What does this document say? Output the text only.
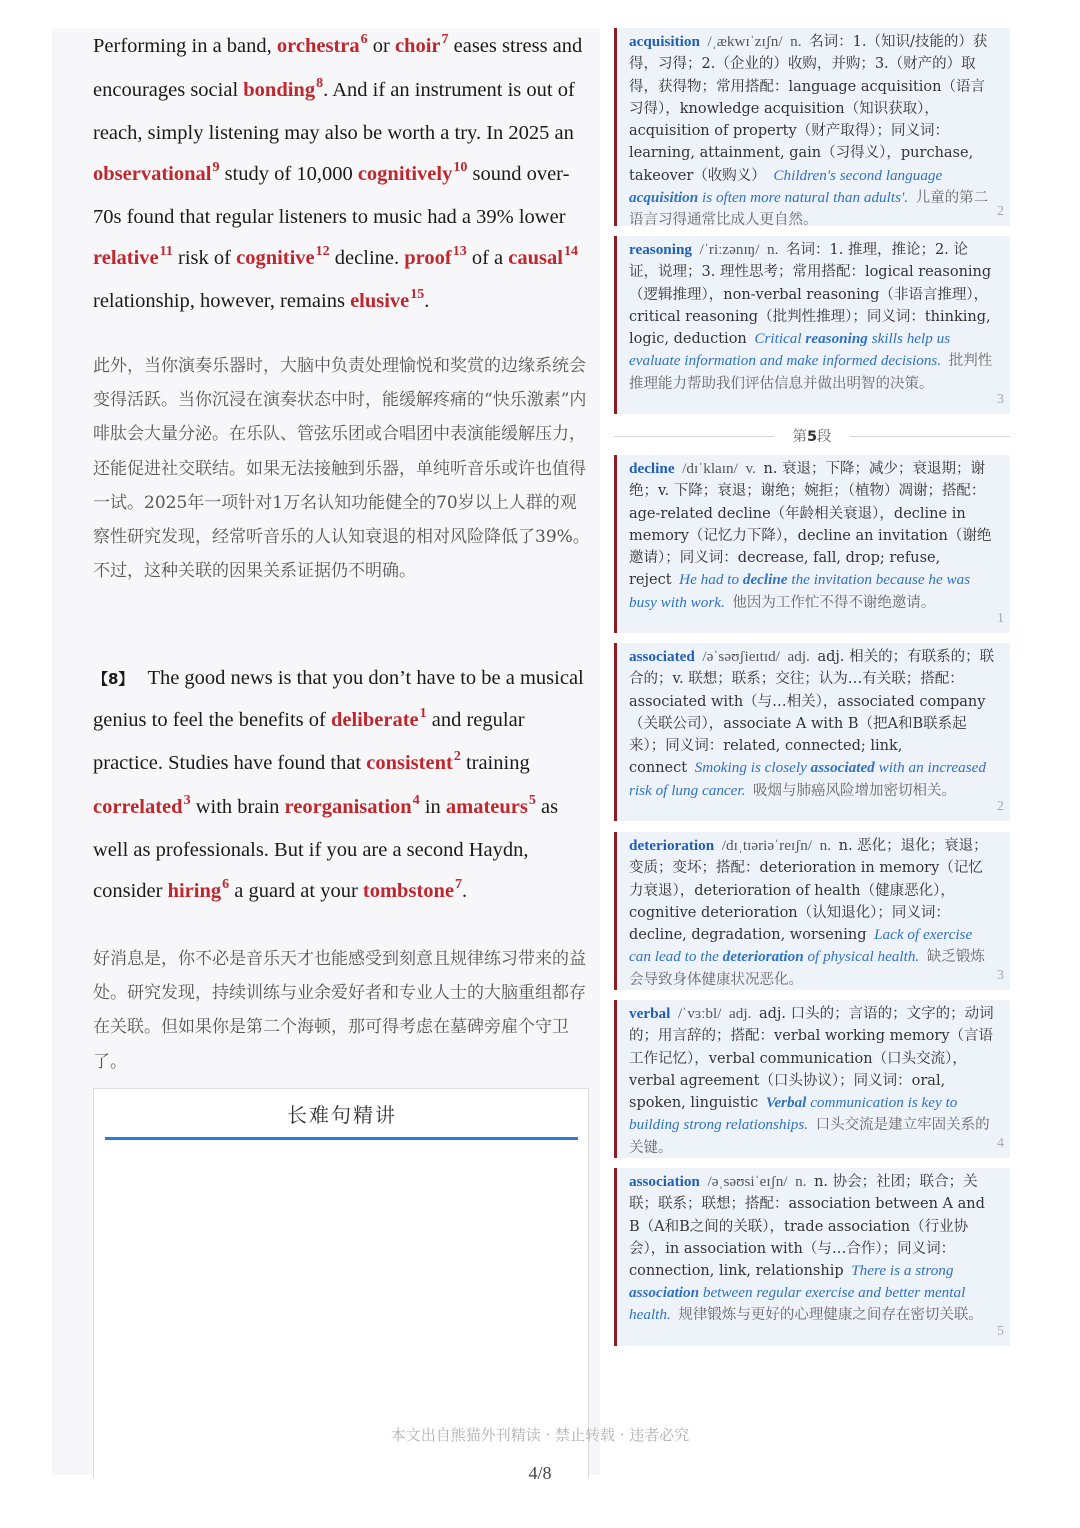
Performing in a band, orchestra$^6$ or choir$^7$ eases stress and encourages social bonding$^8$. And if an instrument is out of reach, simply listening may also be worth a try. In 2025 an observational$^9$ study of 10,000 cognitively$^{10}$ sound over-70s found that regular listeners to music had a 39% lower relative$^{11}$ risk of cognitive$^{12}$ decline. proof$^{13}$ of a causal$^{14}$ relationship, however, remains elusive$^{15}$.
此外，当你演奏乐器时，大脑中负责处理愉悦和奖赏的边缘系统会变得活跃。当你沉浸在演奏状态中时，能缓解疼痛的“快乐激素”内啡肽会大量分泌。在乐队、管弦乐团或合唱团中表演能缓解压力，还能促进社交联结。如果无法接触到乐器，单纯听音乐或许也值得一试。2025年一项针对1万名认知功能健全的70岁以上人群的观察性研究发现，经常听音乐的人认知衰退的相对风险降低了39%。不过，这种关联的因果关系证据仍不明确。
【8】 The good news is that you don’t have to be a musical genius to feel the benefits of deliberate$^1$ and regular practice. Studies have found that consistent$^2$ training correlated$^3$ with brain reorganisation$^4$ in amateurs$^5$ as well as professionals. But if you are a second Haydn, consider hiring$^6$ a guard at your tombstone$^7$.
好消息是，你不必是音乐天才也能感受到刻意且规律练习带来的益处。研究发现，持续训练与业余爱好者和专业人士的大脑重组都存在关联。但如果你是第二个海顿，那可得考虑在墓碑旁雇个守卫了。
长难句精讲
acquisition /ˌækwɪˈzɪʃn/ n. 名词：1.（知识/技能的）获得，习得；2.（企业的）收购，并购；3.（财产的）取得，获得物；常用搭配：language acquisition（语言习得），knowledge acquisition（知识获取），acquisition of property（财产取得）；同义词：learning, attainment, gain（习得义），purchase, takeover（收购义） Children's second language acquisition is often more natural than adults'. 儿童的第二语言习得通常比成人更自然。
2
reasoning /ˈriːzənɪŋ/ n. 名词：1. 推理，推论；2. 论证，说理；3. 理性思考；常用搭配：logical reasoning（逻辑推理），non-verbal reasoning（非语言推理），critical reasoning（批判性推理）；同义词：thinking, logic, deduction Critical reasoning skills help us evaluate information and make informed decisions. 批判性推理能力帮助我们评估信息并做出明智的决策。
3
第5段
decline /dɪˈklaɪn/ v. n. 衰退；下降；减少；衰退期；谢绝；v. 下降；衰退；谢绝；婉拒；（植物）凋谢；搭配：age-related decline（年龄相关衰退），decline in memory（记忆力下降），decline an invitation（谢绝邀请）；同义词：decrease, fall, drop; refuse, reject He had to decline the invitation because he was busy with work. 他因为工作忙不得不谢绝邀请。
1
associated /əˈsəʊʃieɪtɪd/ adj. adj. 相关的；有联系的；联合的；v. 联想；联系；交往；认为…有关联；搭配：associated with（与…相关），associated company（关联公司），associate A with B（把A和B联系起来）；同义词：related, connected; link, connect Smoking is closely associated with an increased risk of lung cancer. 吸烟与肺癌风险增加密切相关。
2
deterioration /dɪˌtɪəriəˈreɪʃn/ n. n. 恶化；退化；衰退；变质；变坏；搭配：deterioration in memory（记忆力衰退），deterioration of health（健康恶化），cognitive deterioration（认知退化）；同义词：decline, degradation, worsening Lack of exercise can lead to the deterioration of physical health. 缺乏锻炼会导致身体健康状况恶化。	3
verbal /ˈvɜːbl/ adj. adj. 口头的；言语的；文字的；动词的；用言辞的；搭配：verbal working memory（言语工作记忆），verbal communication（口头交流），verbal agreement（口头协议）；同义词：oral, spoken, linguistic Verbal communication is key to building strong relationships. 口头交流是建立牢固关系的关键。	4
association /əˌsəʊsiˈeɪʃn/ n. n. 协会；社团；联合；关联；联系；联想；搭配：association between A and B（A和B之间的关联），trade association（行业协会），in association with（与…合作）；同义词：connection, link, relationship There is a strong association between regular exercise and better mental health. 规律锻炼与更好的心理健康之间存在密切关联。
5
本文出自熊猫外刊精读 · 禁止转载 · 违者必究
4/8
